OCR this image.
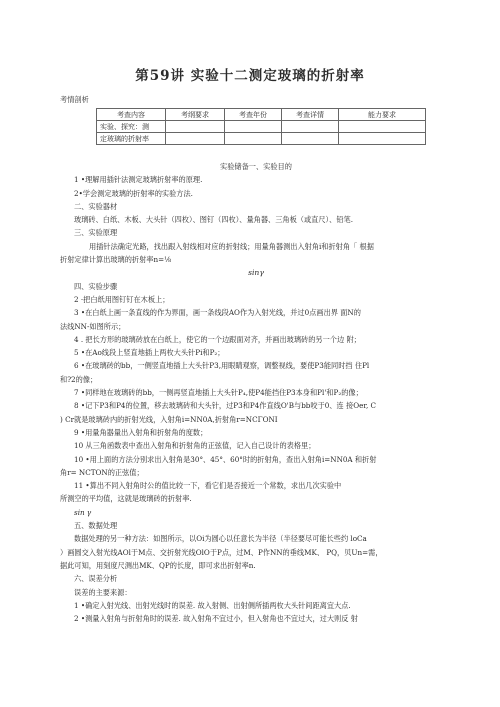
第59讲 实验十二测定玻璃的折射率
考情剖析
考查内容	考纲要求	考查年份	考查详情	能力要求
实验、探究：测				
定玻璃的折射率				

实验储备一、实验目的

1 •理解用插针法测定玻璃折射率的原理.

2•学会测定玻璃的折射率的实验方法.

二、实验器材

玻璃砖、白纸、木板、大头针（四枚）、图钉（四枚）、量角器、三角板（或直尺）、铅笔.

三、实验原理

用插针法确定光路，找出跟入射线相对应的折射线；用量角器测出入射角i和折射角「 根据

折射定律计算出玻璃的折射率n=⅛

sinγ

四、实验步骤

2 ·把白纸用图钉钉在木板上；

3 •在白纸上画一条直线的作为界面，画一条线段AO作为入射光线，并过0点画出界 面N的

法线NN-如图所示；

4 . 把长方形的玻璃砖放在白纸上，使它的一个边跟面对齐，并画出玻璃砖的另一个边 附；

5 •在Ao线段上竖直地插上两枚大头针Pi和P₂；

6 •在玻璃砖的bb，一侧竖直地插上大头针P3,用眼睛观察，调整视线，要使P3能同时挡 住Pl

和?2的像；

7 •同样地在玻璃砖的bb，一侧再竖直地插上大头针P₄,使P4能挡住P3本身和Pl'和P₂的像；

8 •记下P3和P4的位置，移去玻璃砖和大头针，过P3和P4作直线O'B与bb咬于0、连 接Oer, C

) Cr就是玻璃砖内的折射光线，入射角i=NN0A,折射角r=NCΓONI

9 •用量角器量出入射角和折射角的度数；

10 从三角函数表中查出入射角和折射角的正弦值，记入自己设计的表格里；

10 •用上面的方法分别求出入射角是30°、45°、60°时的折射角，查出入射角i=NN0A 和折射

角r= NCTON的正弦值；

11 •算出不同入射角时公的值比较一下，看它们是否接近一个常数，求出几次实验中

所测空的平均值，这就是玻璃砖的折射率.

sin γ

五、数据处理

数据处理的另一种方法：如图所示，以Oi为圆心以任意长为半径（半径要尽可能长些约 loCa

）画圆交入射光线AOl于M点、交折射光线OlO于P点，过M、P作NN的垂线MK、 PQ，贝Un=需，

据此可知，用刻度尺测出MK、QP的长度，即可求出折射率n.

六、误差分析

误差的主要来源：

1 •确定入射光线、出射光线时的误差. 故入射侧、出射侧所插两枚大头针间距离宜大点.

2 •测量入射角与折射角时的误差. 故入射角不宜过小，但入射角也不宜过大，过大则反 射
